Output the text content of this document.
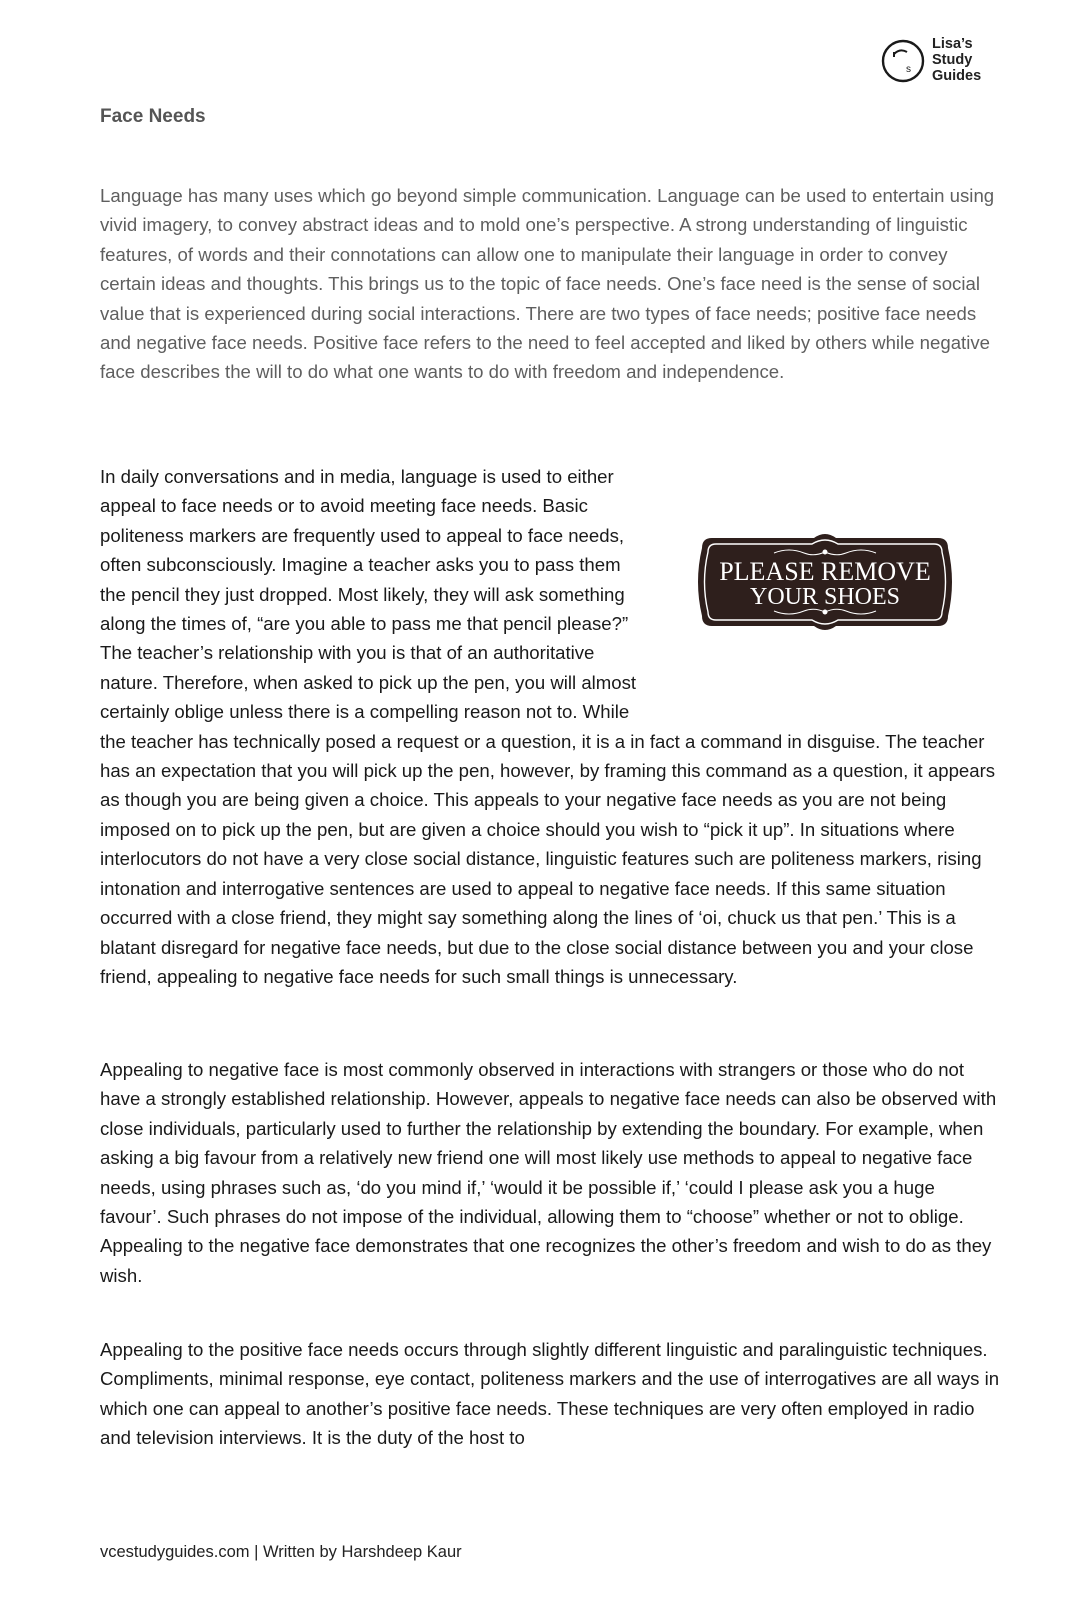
s
Lisa’s
Study
Guides
Face Needs

Language has many uses which go beyond simple communication. Language can be used to entertain using vivid imagery, to convey abstract ideas and to mold one’s perspective. A strong understanding of linguistic features, of words and their connotations can allow one to manipulate their language in order to convey certain ideas and thoughts. This brings us to the topic of face needs. One’s face need is the sense of social value that is experienced during social interactions. There are two types of face needs; positive face needs and negative face needs. Positive face refers to the need to feel accepted and liked by others while negative face describes the will to do what one wants to do with freedom and independence.

PLEASE REMOVE
YOUR SHOES
In daily conversations and in media, language is used to either appeal to face needs or to avoid meeting face needs. Basic politeness markers are frequently used to appeal to face needs, often subconsciously. Imagine a teacher asks you to pass them the pencil they just dropped. Most likely, they will ask something along the times of, “are you able to pass me that pencil please?” The teacher’s relationship with you is that of an authoritative nature. Therefore, when asked to pick up the pen, you will almost certainly oblige unless there is a compelling reason not to. While the teacher has technically posed a request or a question, it is a in fact a command in disguise. The teacher has an expectation that you will pick up the pen, however, by framing this command as a question, it appears as though you are being given a choice. This appeals to your negative face needs as you are not being imposed on to pick up the pen, but are given a choice should you wish to “pick it up”. In situations where interlocutors do not have a very close social distance, linguistic features such are politeness markers, rising intonation and interrogative sentences are used to appeal to negative face needs. If this same situation occurred with a close friend, they might say something along the lines of ‘oi, chuck us that pen.’ This is a blatant disregard for negative face needs, but due to the close social distance between you and your close friend, appealing to negative face needs for such small things is unnecessary.

Appealing to negative face is most commonly observed in interactions with strangers or those who do not have a strongly established relationship. However, appeals to negative face needs can also be observed with close individuals, particularly used to further the relationship by extending the boundary. For example, when asking a big favour from a relatively new friend one will most likely use methods to appeal to negative face needs, using phrases such as, ‘do you mind if,’ ‘would it be possible if,’ ‘could I please ask you a huge favour’. Such phrases do not impose of the individual, allowing them to “choose” whether or not to oblige. Appealing to the negative face demonstrates that one recognizes the other’s freedom and wish to do as they wish.

Appealing to the positive face needs occurs through slightly different linguistic and paralinguistic techniques. Compliments, minimal response, eye contact, politeness markers and the use of interrogatives are all ways in which one can appeal to another’s positive face needs. These techniques are very often employed in radio and television interviews. It is the duty of the host to

vcestudyguides.com | Written by Harshdeep Kaur
